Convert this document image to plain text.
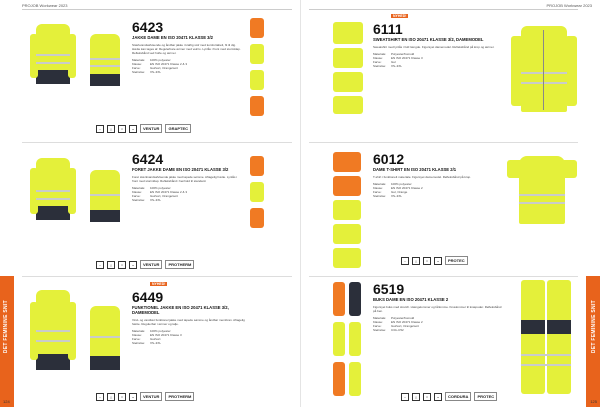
PROJOB Workwear 2023
6423
JAKKE DAME EN ISO 20471 KLASSE 3/2
Stærkvandsafvisende og åndbar jakke i kraftig stof med komfortabelt, fit til dig. Hætte kan tages af. Regulerbare ærmer med velcro. Lynlås i front med stormklap. Refleksbånd ved hofte og ærmer.
Materiale: 100% polyester
Klasse:	EN ISO 20471 Klasse 2 & 3
Farve:	Gul/sort, Orange/sort
Størrelse: XS–3XL
~	△	□	◒	VENTUR	GRAPTEC
6424
FORET JAKKE DAME EN ISO 20471 KLASSE 3/2
Foret stærkvandsafvisende jakke med tapede sømme. Aftagelig hætte. Lynlås i front med stormklap. Refleksbånd i henhold til standard.
Materiale: 100% polyester
Klasse:	EN ISO 20471 Klasse 2 & 3
Farve:	Gul/sort, Orange/sort
Størrelse: XS–3XL
~	△	□	◒	VENTUR	PROTHERM
NYHED!
6449
FUNKTIONEL JAKKE EN ISO 20471 KLASSE 3/2, DAMEMODEL
Vind- og vandtæt funktionel jakke med tapede sømme og åndbar membran. Aftagelig hætte. Regulerbar i ærmer og talje.
Materiale: 100% polyester
Klasse:	EN ISO 20471 Klasse 3
Farve:	Gul/sort
Størrelse: XS–3XL
~	△	□	◒	VENTUR	PROTHERM
DET FEMININE SNIT
124
PROJOB Workwear 2023
NYHED!
6111
SWEATSHIRT EN ISO 20471 KLASSE 3/2, DAMEMODEL
Sweatshirt med lynlås i fuld længde. Figursyet damemodel. Refleksbånd på krop og ærmer.
Materiale: Polyester/bomuld
Klasse:	EN ISO 20471 Klasse 3
Farve:	Gul
Størrelse: XS–3XL
6012
DAME T-SHIRT EN ISO 20471 KLASSE 2/1
T-shirt i funktionelt materiale. Figursyet damemodel. Refleksbånd på krop.
Materiale: 100% polyester
Klasse:	EN ISO 20471 Klasse 2
Farve:	Gul, Orange
Størrelse: XS–3XL
~	△	□	◒	PROTEC
6519
BUKS DAME EN ISO 20471 KLASSE 2
Figursyet buks med stretch. Hængelommer og lårlomme. Knælommer til knæpuder. Refleksbånd på ben.
Materiale: Polyester/bomuld
Klasse:	EN ISO 20471 Klasse 2
Farve:	Gul/sort, Orange/sort
Størrelse: C34–C52
~	△	□	◒	CORDURA	PROTEC
DET FEMININE SNIT
125
